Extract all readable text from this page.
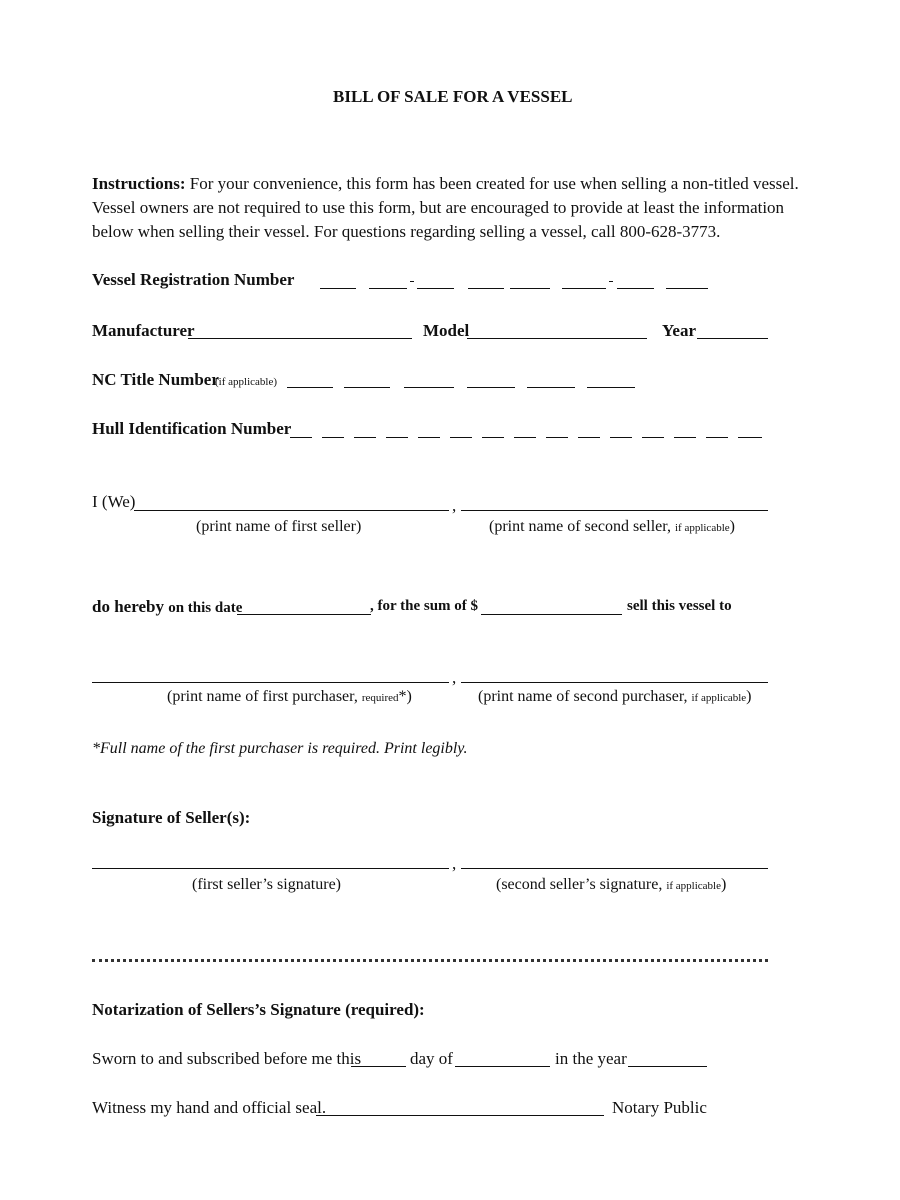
BILL OF SALE FOR A VESSEL
Instructions: For your convenience, this form has been created for use when selling a non-titled vessel.
Vessel owners are not required to use this form, but are encouraged to provide at least the information
below when selling their vessel. For questions regarding selling a vessel, call 800-628-3773.
Vessel Registration Number
Manufacturer	Model	Year
NC Title Number
(if applicable)
Hull Identification Number
I (We)	,
(print name of first seller)	(print name of second seller, if applicable)
do hereby on this date	, for the sum of $	sell this vessel to
,
(print name of first purchaser, required*)	(print name of second purchaser, if applicable)
*Full name of the first purchaser is required. Print legibly.
Signature of Seller(s):
,
(first seller’s signature)	(second seller’s signature, if applicable)
Notarization of Sellers’s Signature (required):
Sworn to and subscribed before me this	day of	in the year
Witness my hand and official seal.	Notary Public
